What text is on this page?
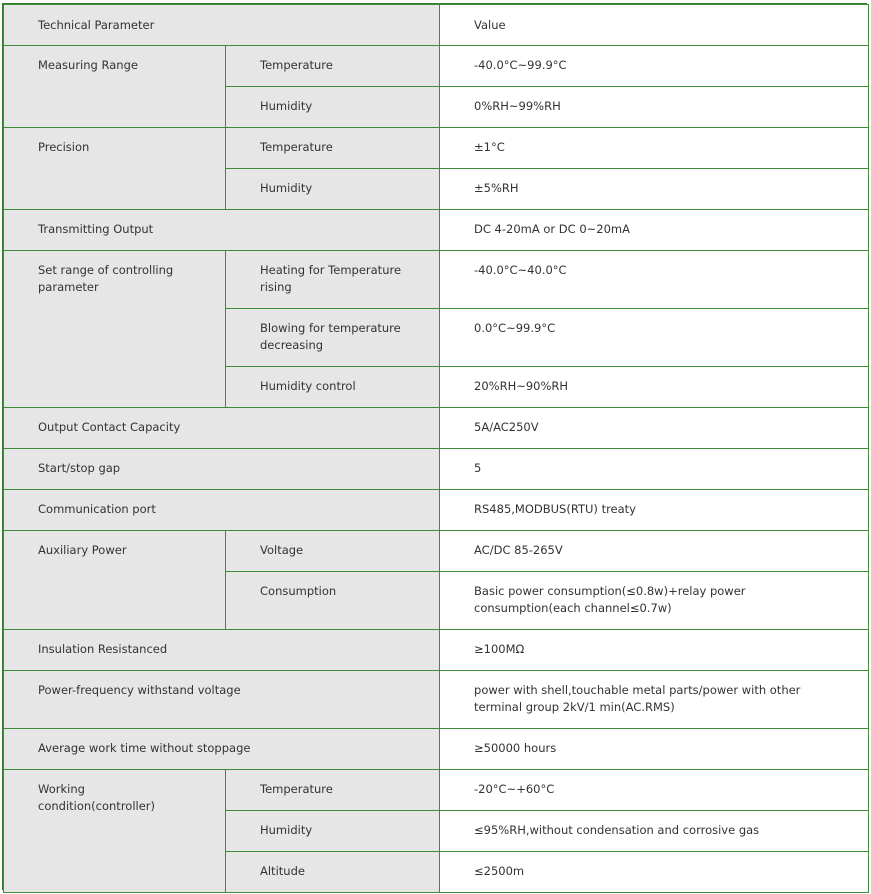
Technical Parameter		Value

Measuring Range	Temperature	-40.0°C~99.9°C

	Humidity	0%RH~99%RH

Precision	Temperature	±1°C

	Humidity	±5%RH

Transmitting Output		DC 4-20mA or DC 0~20mA

Set range of controlling parameter	Heating for Temperature rising	-40.0°C~40.0°C

	Blowing for temperature decreasing	0.0°C~99.9°C

	Humidity control	20%RH~90%RH

Output Contact Capacity		5A/AC250V

Start/stop gap		5

Communication port		RS485,MODBUS(RTU) treaty

Auxiliary Power	Voltage	AC/DC 85-265V

	Consumption	Basic power consumption(≤0.8w)+relay power consumption(each channel≤0.7w)

Insulation Resistanced		≥100MΩ

Power-frequency withstand voltage		power with shell,touchable metal parts/power with other terminal group 2kV/1 min(AC.RMS)

Average work time without stoppage		≥50000 hours

Working condition(controller)	Temperature	-20°C~+60°C

	Humidity	≤95%RH,without condensation and corrosive gas

	Altitude	≤2500m
